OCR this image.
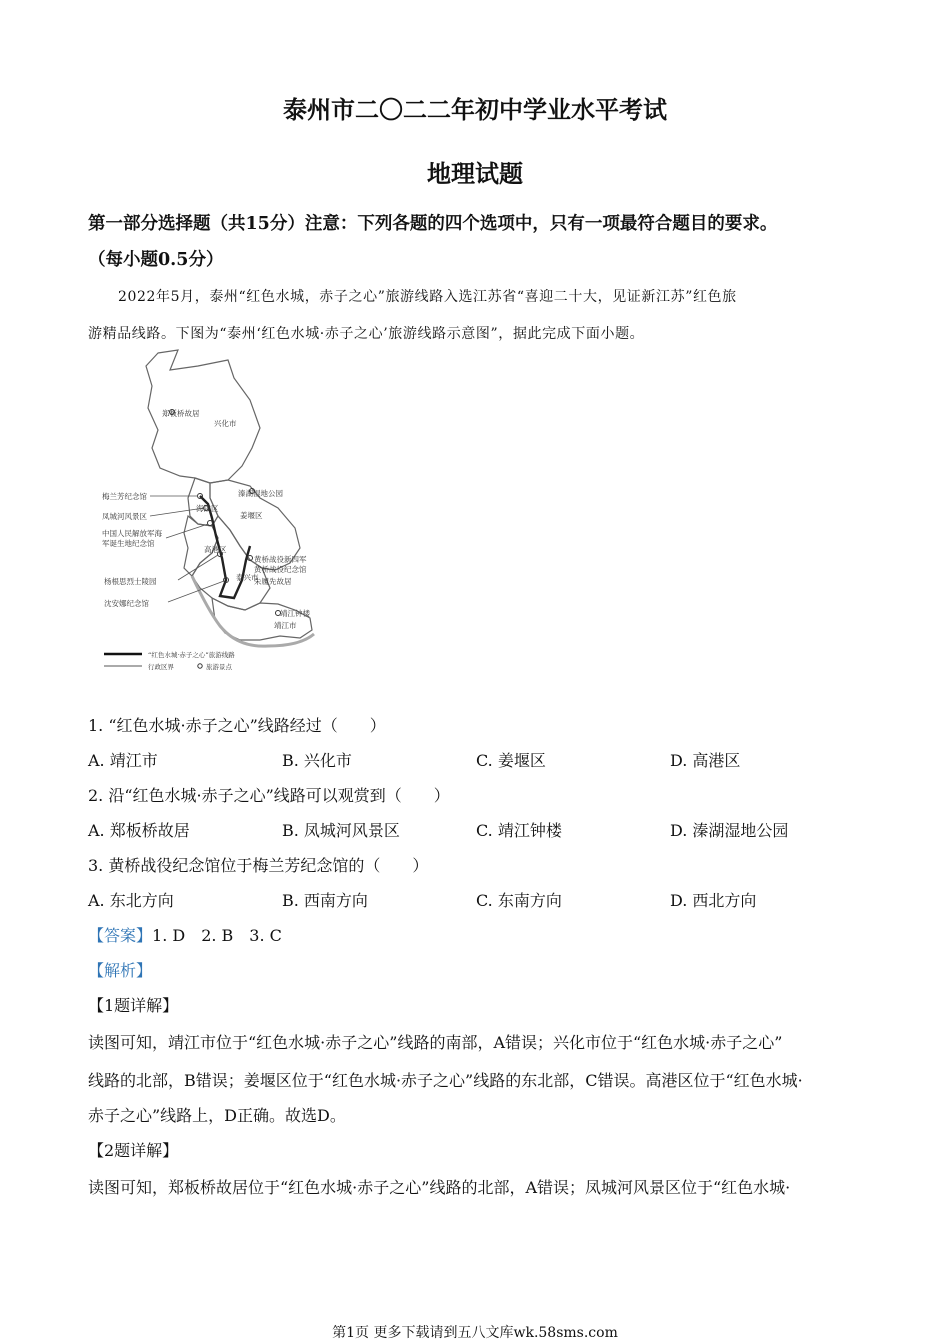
泰州市二〇二二年初中学业水平考试
地理试题
第一部分选择题（共15分）注意：下列各题的四个选项中，只有一项最符合题目的要求。
（每小题0.5分）
2022年5月，泰州“红色水城，赤子之心”旅游线路入选江苏省“喜迎二十大，见证新江苏”红色旅
游精品线路。下图为“泰州‘红色水城·赤子之心’旅游线路示意图”，据此完成下面小题。
郑板桥故居
兴化市
溱湖湿地公园
姜堰区
梅兰芳纪念馆
凤城河风景区
中国人民解放军海
军诞生地纪念馆
海陵区
高港区
泰兴市
黄桥战役新四军
黄桥战役纪念馆
朱履先故居
杨根思烈士陵园
沈安娜纪念馆
靖江钟楼
靖江市
“红色水城·赤子之心”旅游线路
行政区界	旅游景点
1. “红色水城·赤子之心”线路经过（　　）
A. 靖江市	B. 兴化市	C. 姜堰区	D. 高港区
2. 沿“红色水城·赤子之心”线路可以观赏到（　　）
A. 郑板桥故居	B. 凤城河风景区	C. 靖江钟楼	D. 溱湖湿地公园
3. 黄桥战役纪念馆位于梅兰芳纪念馆的（　　）
A. 东北方向	B. 西南方向	C. 东南方向	D. 西北方向
【答案】1. D　2. B　3. C
【解析】
【1题详解】
读图可知，靖江市位于“红色水城·赤子之心”线路的南部，A错误；兴化市位于“红色水城·赤子之心”
线路的北部，B错误；姜堰区位于“红色水城·赤子之心”线路的东北部，C错误。高港区位于“红色水城·
赤子之心”线路上，D正确。故选D。
【2题详解】
读图可知，郑板桥故居位于“红色水城·赤子之心”线路的北部，A错误；凤城河风景区位于“红色水城·
第1页 更多下载请到五八文库wk.58sms.com
